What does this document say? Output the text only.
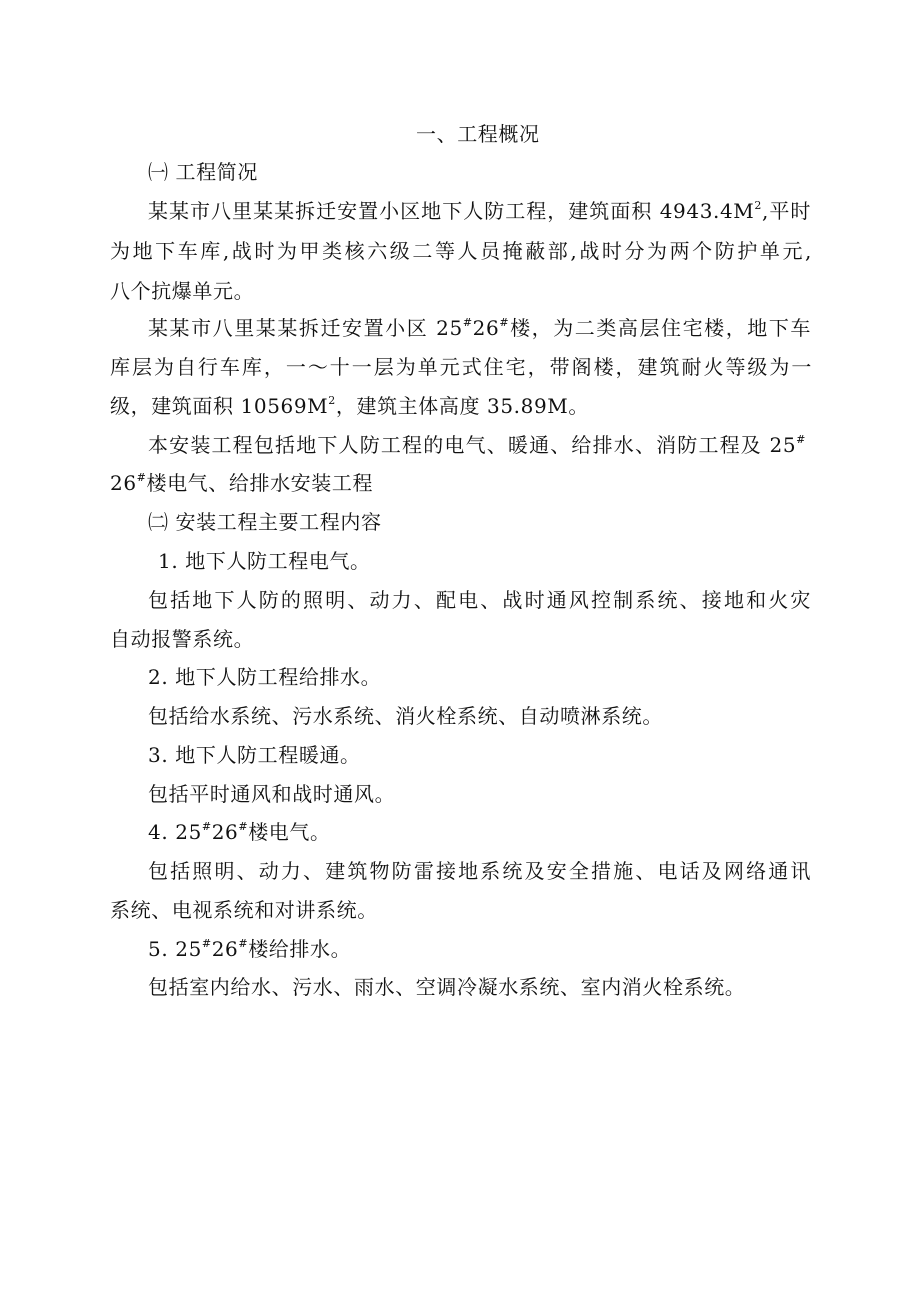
一、工程概况
㈠ 工程简况
某某市八里某某拆迁安置小区地下人防工程，建筑面积 $4943.4M^2$,平时
为地下车库,战时为甲类核六级二等人员掩蔽部,战时分为两个防护单元,
八个抗爆单元。
某某市八里某某拆迁安置小区 25#26#楼，为二类高层住宅楼，地下车
库层为自行车库，一～十一层为单元式住宅，带阁楼，建筑耐火等级为一
级，建筑面积 $10569M^2$，建筑主体高度 35.89M。
本安装工程包括地下人防工程的电气、暖通、给排水、消防工程及 25#
26#楼电气、给排水安装工程
㈡ 安装工程主要工程内容
1. 地下人防工程电气。
包括地下人防的照明、动力、配电、战时通风控制系统、接地和火灾
自动报警系统。
2. 地下人防工程给排水。
包括给水系统、污水系统、消火栓系统、自动喷淋系统。
3. 地下人防工程暖通。
包括平时通风和战时通风。
4. 25#26#楼电气。
包括照明、动力、建筑物防雷接地系统及安全措施、电话及网络通讯
系统、电视系统和对讲系统。
5. 25#26#楼给排水。
包括室内给水、污水、雨水、空调冷凝水系统、室内消火栓系统。
